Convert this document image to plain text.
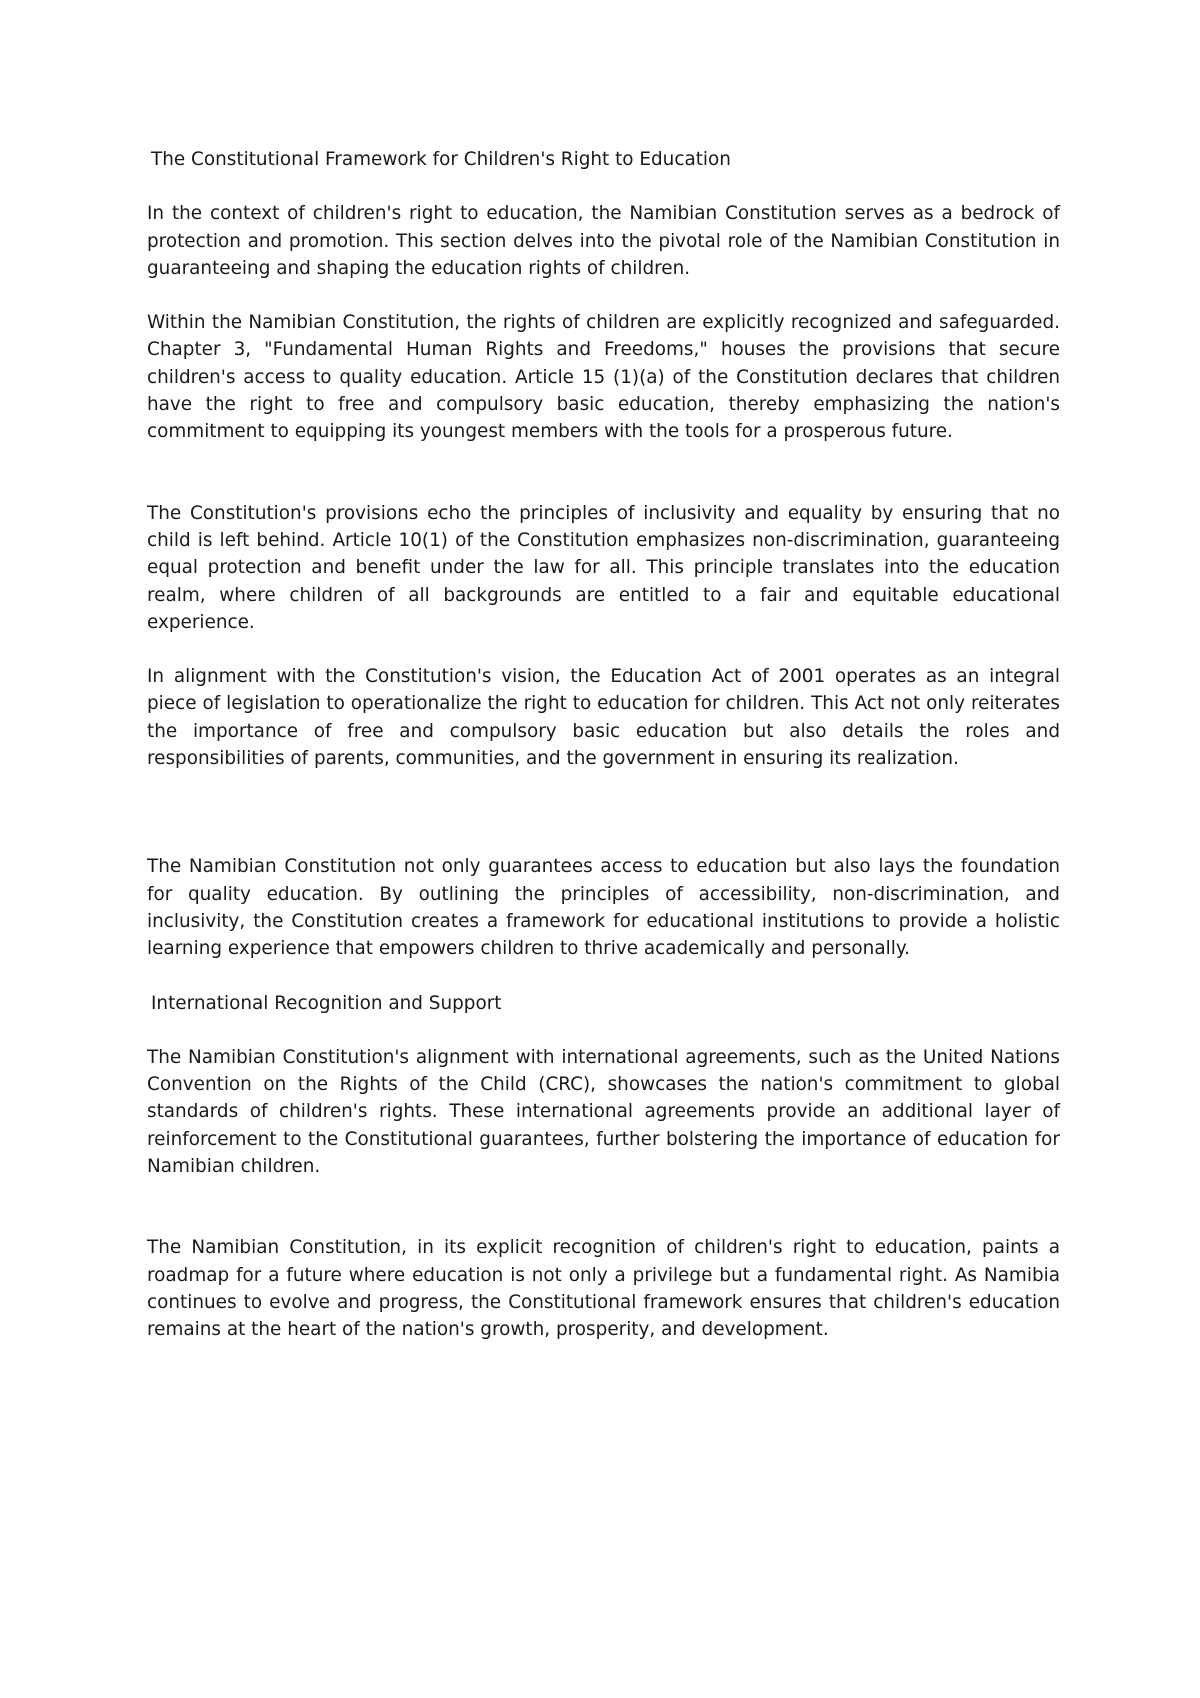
The Constitutional Framework for Children's Right to Education

In the context of children's right to education, the Namibian Constitution serves as a bedrock of protection and promotion. This section delves into the pivotal role of the Namibian Constitution in guaranteeing and shaping the education rights of children.

Within the Namibian Constitution, the rights of children are explicitly recognized and safeguarded. Chapter 3, "Fundamental Human Rights and Freedoms," houses the provisions that secure children's access to quality education. Article 15 (1)(a) of the Constitution declares that children have the right to free and compulsory basic education, thereby emphasizing the nation's commitment to equipping its youngest members with the tools for a prosperous future.

The Constitution's provisions echo the principles of inclusivity and equality by ensuring that no child is left behind. Article 10(1) of the Constitution emphasizes non-discrimination, guaranteeing equal protection and benefit under the law for all. This principle translates into the education realm, where children of all backgrounds are entitled to a fair and equitable educational experience.

In alignment with the Constitution's vision, the Education Act of 2001 operates as an integral piece of legislation to operationalize the right to education for children. This Act not only reiterates the importance of free and compulsory basic education but also details the roles and responsibilities of parents, communities, and the government in ensuring its realization.

The Namibian Constitution not only guarantees access to education but also lays the foundation for quality education. By outlining the principles of accessibility, non-discrimination, and inclusivity, the Constitution creates a framework for educational institutions to provide a holistic learning experience that empowers children to thrive academically and personally.

International Recognition and Support

The Namibian Constitution's alignment with international agreements, such as the United Nations Convention on the Rights of the Child (CRC), showcases the nation's commitment to global standards of children's rights. These international agreements provide an additional layer of reinforcement to the Constitutional guarantees, further bolstering the importance of education for Namibian children.

The Namibian Constitution, in its explicit recognition of children's right to education, paints a roadmap for a future where education is not only a privilege but a fundamental right. As Namibia continues to evolve and progress, the Constitutional framework ensures that children's education remains at the heart of the nation's growth, prosperity, and development.
